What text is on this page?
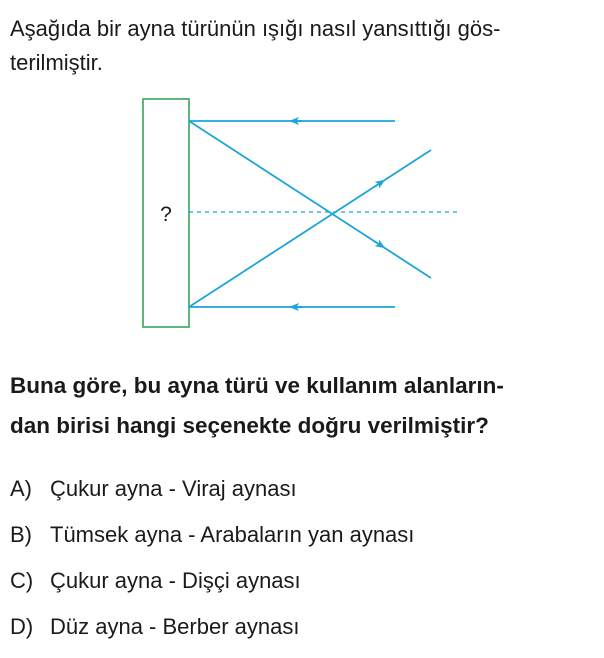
Aşağıda bir ayna türünün ışığı nasıl yansıttığı gös-
terilmiştir.

?

Buna göre, bu ayna türü ve kullanım alanların-
dan birisi hangi seçenekte doğru verilmiştir?

A) Çukur ayna - Viraj aynası
B) Tümsek ayna - Arabaların yan aynası
C) Çukur ayna - Dişçi aynası
D) Düz ayna - Berber aynası
